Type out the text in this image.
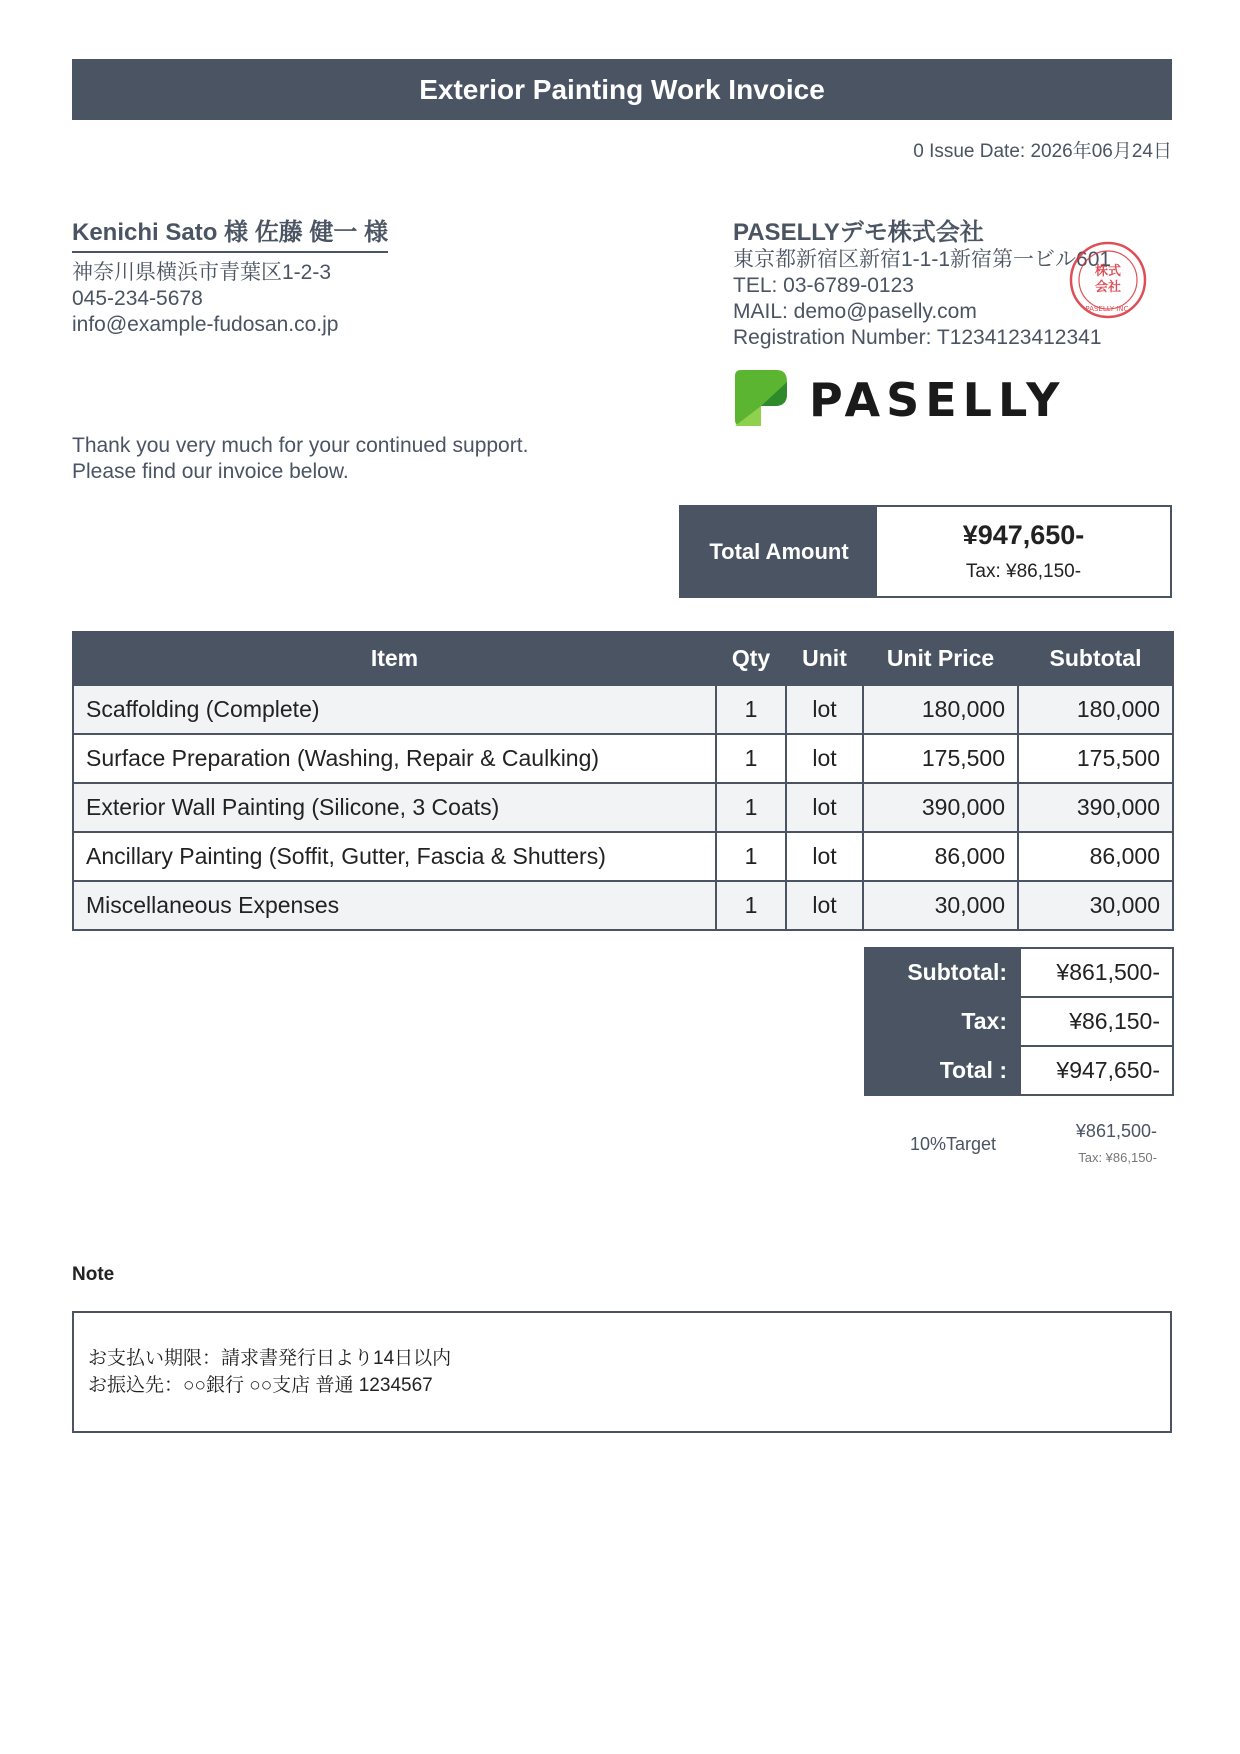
Exterior Painting Work Invoice
0 Issue Date: 2026年06月24日
Kenichi Sato 様 佐藤 健一 様
神奈川県横浜市青葉区1-2-3
045-234-5678
info@example-fudosan.co.jp
PASELLYデモ株式会社
東京都新宿区新宿1-1-1新宿第一ビル601
TEL: 03-6789-0123
MAIL: demo@paselly.com
Registration Number: T1234123412341
株式
会社
PASELLY INC.
PASELLY
Thank you very much for your continued support.
Please find our invoice below.
Total Amount
¥947,650-
Tax: ¥86,150-
Item	Qty	Unit	Unit Price	Subtotal
Scaffolding (Complete)	1	lot	180,000	180,000
Surface Preparation (Washing, Repair & Caulking)	1	lot	175,500	175,500
Exterior Wall Painting (Silicone, 3 Coats)	1	lot	390,000	390,000
Ancillary Painting (Soffit, Gutter, Fascia & Shutters)	1	lot	86,000	86,000
Miscellaneous Expenses	1	lot	30,000	30,000
Subtotal:	¥861,500-
Tax:	¥86,150-
Total :	¥947,650-
10%Target
¥861,500-
Tax: ¥86,150-
Note
お支払い期限：請求書発行日より14日以内
お振込先：○○銀行 ○○支店 普通 1234567
